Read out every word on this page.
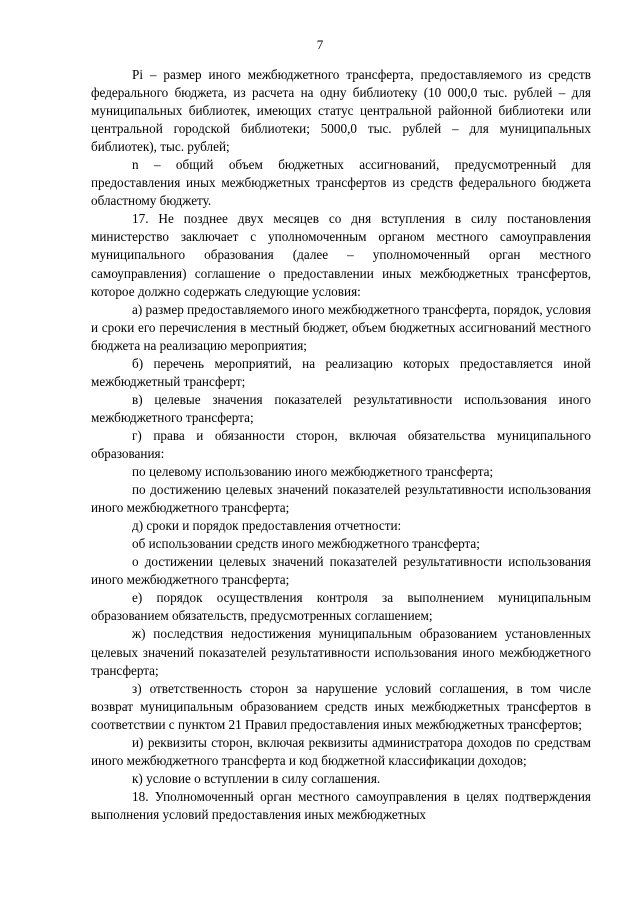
7

Pi – размер иного межбюджетного трансферта, предоставляемого из средств федерального бюджета, из расчета на одну библиотеку (10 000,0 тыс. рублей – для муниципальных библиотек, имеющих статус центральной районной библиотеки или центральной городской библиотеки; 5000,0 тыс. рублей – для муниципальных библиотек), тыс. рублей;

n – общий объем бюджетных ассигнований, предусмотренный для предоставления иных межбюджетных трансфертов из средств федерального бюджета областному бюджету.

17. Не позднее двух месяцев со дня вступления в силу постановления министерство заключает с уполномоченным органом местного самоуправления муниципального образования (далее – уполномоченный орган местного самоуправления) соглашение о предоставлении иных межбюджетных трансфертов, которое должно содержать следующие условия:

а) размер предоставляемого иного межбюджетного трансферта, порядок, условия и сроки его перечисления в местный бюджет, объем бюджетных ассигнований местного бюджета на реализацию мероприятия;

б) перечень мероприятий, на реализацию которых предоставляется иной межбюджетный трансферт;

в) целевые значения показателей результативности использования иного межбюджетного трансферта;

г) права и обязанности сторон, включая обязательства муниципального образования:

по целевому использованию иного межбюджетного трансферта;

по достижению целевых значений показателей результативности использования иного межбюджетного трансферта;

д) сроки и порядок предоставления отчетности:

об использовании средств иного межбюджетного трансферта;

о достижении целевых значений показателей результативности использования иного межбюджетного трансферта;

е) порядок осуществления контроля за выполнением муниципальным образованием обязательств, предусмотренных соглашением;

ж) последствия недостижения муниципальным образованием установленных целевых значений показателей результативности использования иного межбюджетного трансферта;

з) ответственность сторон за нарушение условий соглашения, в том числе возврат муниципальным образованием средств иных межбюджетных трансфертов в соответствии с пунктом 21 Правил предоставления иных межбюджетных трансфертов;

и) реквизиты сторон, включая реквизиты администратора доходов по средствам иного межбюджетного трансферта и код бюджетной классификации доходов;

к) условие о вступлении в силу соглашения.

18. Уполномоченный орган местного самоуправления в целях подтверждения выполнения условий предоставления иных межбюджетных
